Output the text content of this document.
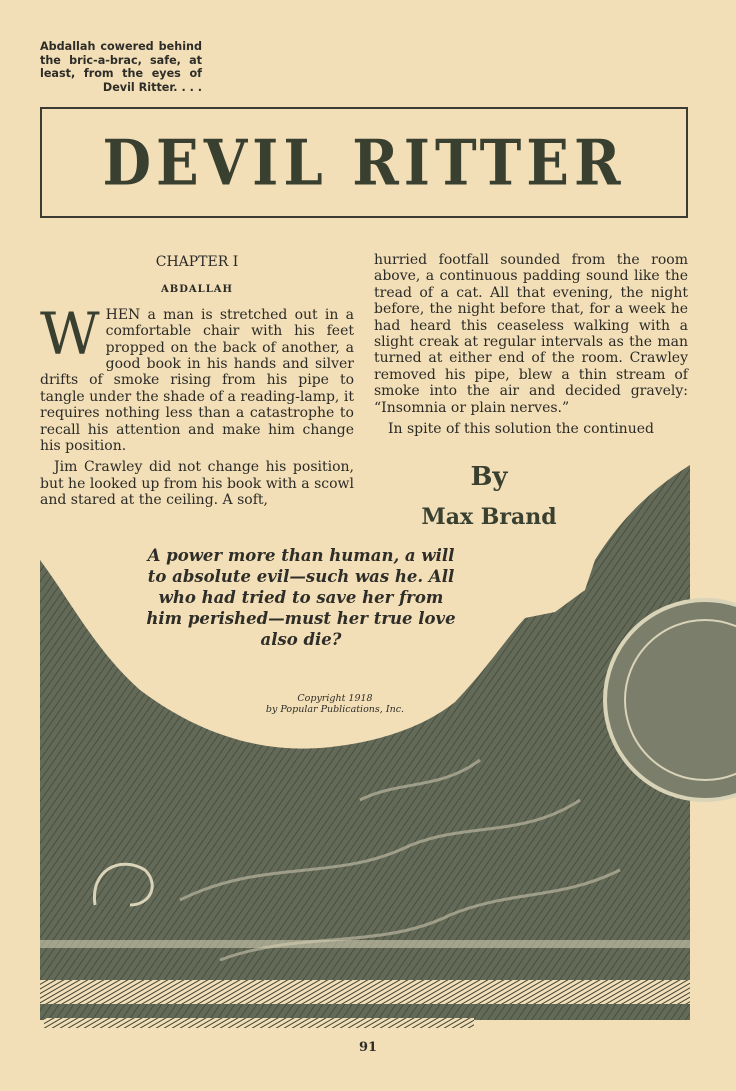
Abdallah cowered behind the bric-a-brac, safe, at least, from the eyes of Devil Ritter. . . .
DEVIL RITTER

CHAPTER I

ABDALLAH

WHEN a man is stretched out in a comfortable chair with his feet propped on the back of another, a good book in his hands and silver drifts of smoke rising from his pipe to tangle under the shade of a reading-lamp, it requires nothing less than a catastrophe to recall his attention and make him change his position.

Jim Crawley did not change his position, but he looked up from his book with a scowl and stared at the ceiling. A soft,

hurried footfall sounded from the room above, a continuous padding sound like the tread of a cat. All that evening, the night before, the night before that, for a week he had heard this ceaseless walking with a slight creak at regular intervals as the man turned at either end of the room. Crawley removed his pipe, blew a thin stream of smoke into the air and decided gravely: “Insomnia or plain nerves.”

In spite of this solution the continued

By
Max Brand
A power more than human, a will to absolute evil—such was he. All who had tried to save her from him perished—must her true love also die?
Copyright 1918
by Popular Publications, Inc.
91
